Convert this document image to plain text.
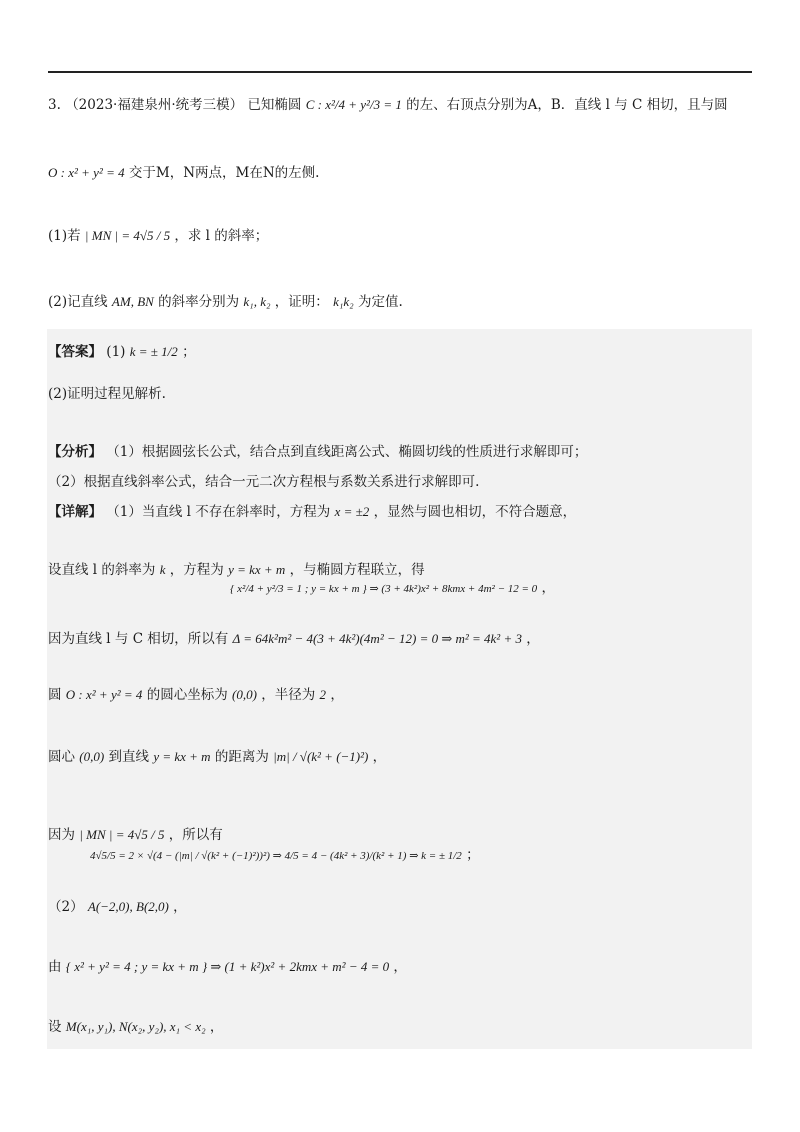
3. （2023·福建泉州·统考三模） 已知椭圆 C : x²/4 + y²/3 = 1 的左、右顶点分别为A，B．直线 l 与 C 相切，且与圆
O : x² + y² = 4 交于M，N两点，M在N的左侧.
(1)若 | MN | = 4√5 / 5 ，求 l 的斜率；
(2)记直线 AM, BN 的斜率分别为 k₁, k₂ ，证明： k₁k₂ 为定值.
【答案】 (1) k = ± 1/2 ；
(2)证明过程见解析.
【分析】 （1）根据圆弦长公式，结合点到直线距离公式、椭圆切线的性质进行求解即可；
（2）根据直线斜率公式，结合一元二次方程根与系数关系进行求解即可.
【详解】 （1）当直线 l 不存在斜率时，方程为 x = ±2 ，显然与圆也相切，不符合题意，
设直线 l 的斜率为 k ，方程为 y = kx + m ，与椭圆方程联立，得
{ x²/4 + y²/3 = 1 ; y = kx + m } ⇒ (3 + 4k²)x² + 8kmx + 4m² − 12 = 0 ，
因为直线 l 与 C 相切，所以有 Δ = 64k²m² − 4(3 + 4k²)(4m² − 12) = 0 ⇒ m² = 4k² + 3 ，
圆 O : x² + y² = 4 的圆心坐标为 (0,0) ，半径为 2 ，
圆心 (0,0) 到直线 y = kx + m 的距离为 |m| / √(k² + (−1)²) ，
因为 | MN | = 4√5 / 5 ，所以有
4√5/5 = 2 × √(4 − (|m| / √(k² + (−1)²))²) ⇒ 4/5 = 4 − (4k² + 3)/(k² + 1) ⇒ k = ± 1/2 ；
（2） A(−2,0), B(2,0) ，
由 { x² + y² = 4 ; y = kx + m } ⇒ (1 + k²)x² + 2kmx + m² − 4 = 0 ，
设 M(x₁, y₁), N(x₂, y₂), x₁ < x₂ ，
